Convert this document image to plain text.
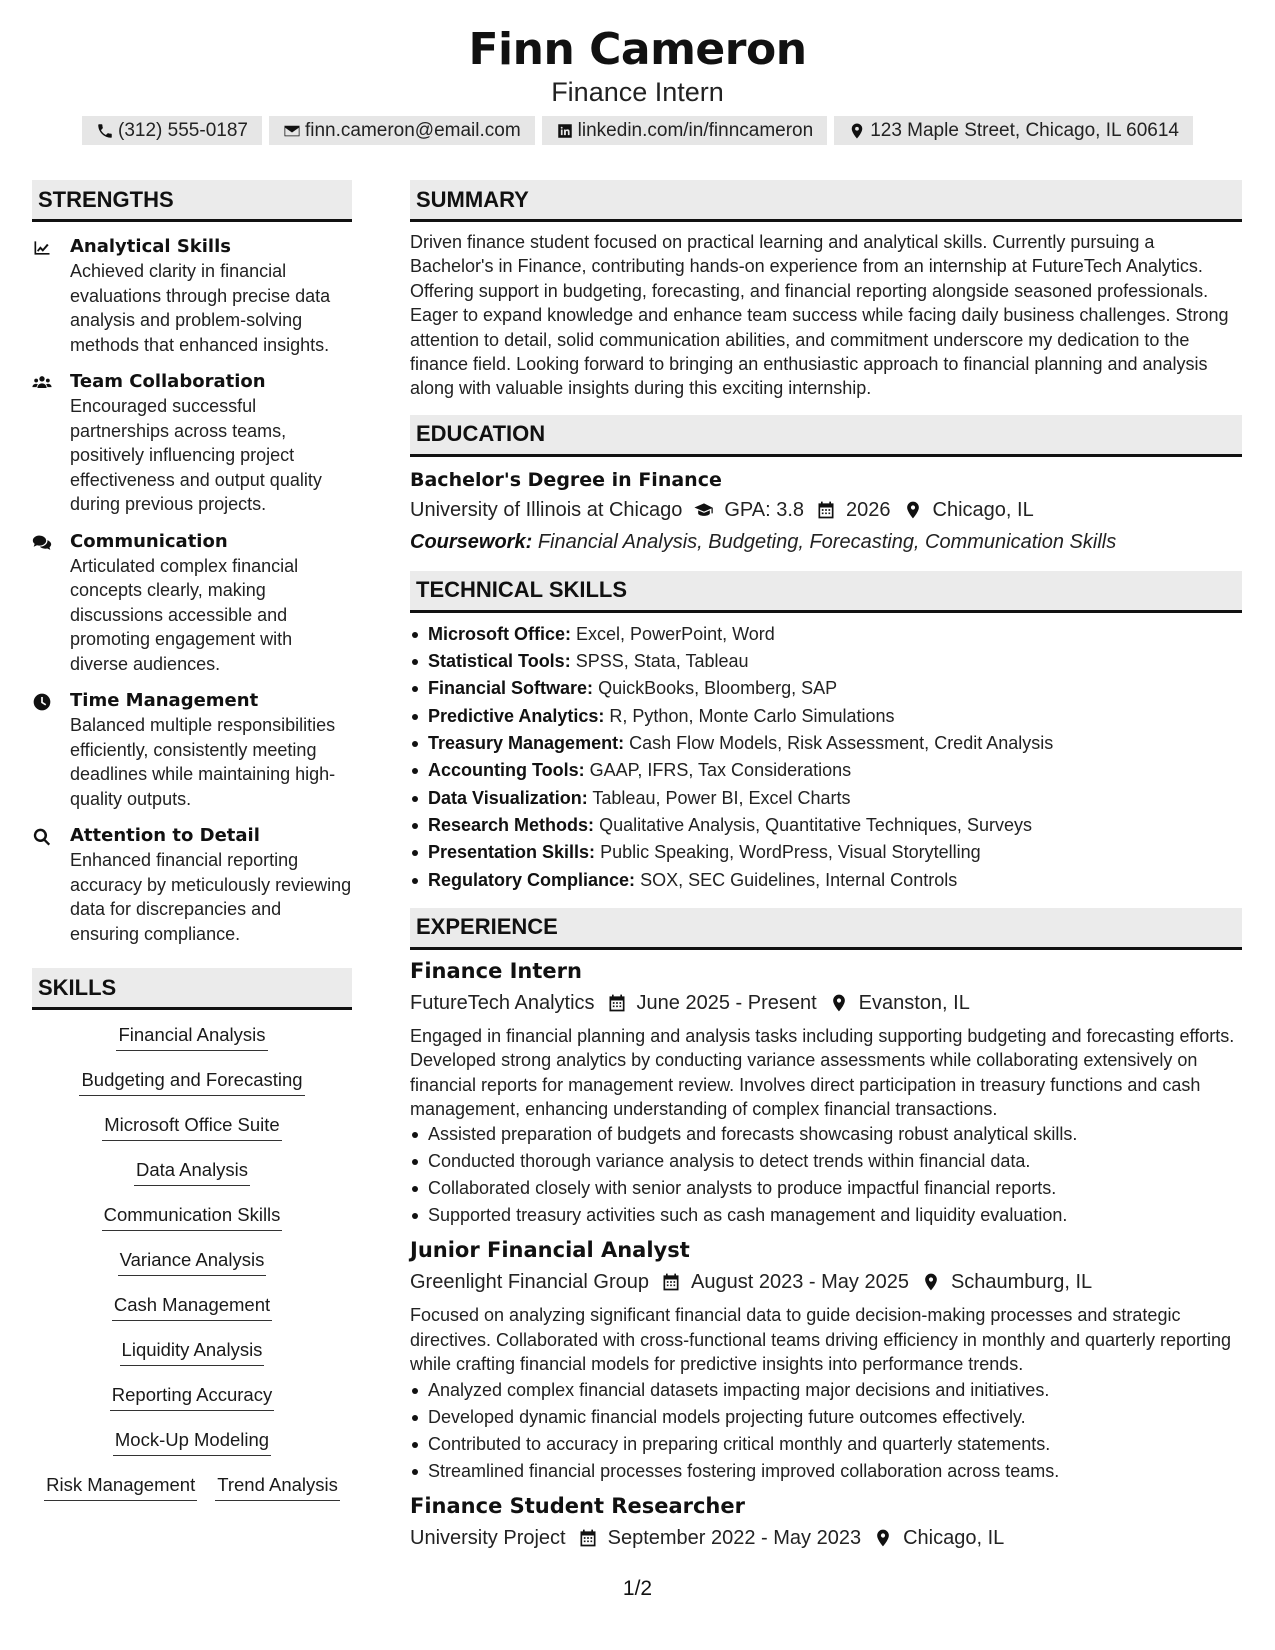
Finn Cameron
Finance Intern
(312) 555-0187	finn.cameron@email.com	linkedin.com/in/finncameron	123 Maple Street, Chicago, IL 60614
STRENGTHS
Analytical Skills
Achieved clarity in financial evaluations through precise data analysis and problem-solving methods that enhanced insights.
Team Collaboration
Encouraged successful partnerships across teams, positively influencing project effectiveness and output quality during previous projects.
Communication
Articulated complex financial concepts clearly, making discussions accessible and promoting engagement with diverse audiences.
Time Management
Balanced multiple responsibilities efficiently, consistently meeting deadlines while maintaining high-quality outputs.
Attention to Detail
Enhanced financial reporting accuracy by meticulously reviewing data for discrepancies and ensuring compliance.
SKILLS
Financial Analysis
Budgeting and Forecasting
Microsoft Office Suite
Data Analysis
Communication Skills
Variance Analysis
Cash Management
Liquidity Analysis
Reporting Accuracy
Mock-Up Modeling
Risk Management Trend Analysis
SUMMARY
Driven finance student focused on practical learning and analytical skills. Currently pursuing a Bachelor's in Finance, contributing hands-on experience from an internship at FutureTech Analytics. Offering support in budgeting, forecasting, and financial reporting alongside seasoned professionals. Eager to expand knowledge and enhance team success while facing daily business challenges. Strong attention to detail, solid communication abilities, and commitment underscore my dedication to the finance field. Looking forward to bringing an enthusiastic approach to financial planning and analysis along with valuable insights during this exciting internship.
EDUCATION
Bachelor's Degree in Finance
University of Illinois at Chicago GPA: 3.8 2026 Chicago, IL
Coursework: Financial Analysis, Budgeting, Forecasting, Communication Skills
TECHNICAL SKILLS
Microsoft Office: Excel, PowerPoint, Word
Statistical Tools: SPSS, Stata, Tableau
Financial Software: QuickBooks, Bloomberg, SAP
Predictive Analytics: R, Python, Monte Carlo Simulations
Treasury Management: Cash Flow Models, Risk Assessment, Credit Analysis
Accounting Tools: GAAP, IFRS, Tax Considerations
Data Visualization: Tableau, Power BI, Excel Charts
Research Methods: Qualitative Analysis, Quantitative Techniques, Surveys
Presentation Skills: Public Speaking, WordPress, Visual Storytelling
Regulatory Compliance: SOX, SEC Guidelines, Internal Controls
EXPERIENCE
Finance Intern
FutureTech Analytics June 2025 - Present Evanston, IL
Engaged in financial planning and analysis tasks including supporting budgeting and forecasting efforts. Developed strong analytics by conducting variance assessments while collaborating extensively on financial reports for management review. Involves direct participation in treasury functions and cash management, enhancing understanding of complex financial transactions.
Assisted preparation of budgets and forecasts showcasing robust analytical skills.
Conducted thorough variance analysis to detect trends within financial data.
Collaborated closely with senior analysts to produce impactful financial reports.
Supported treasury activities such as cash management and liquidity evaluation.
Junior Financial Analyst
Greenlight Financial Group August 2023 - May 2025 Schaumburg, IL
Focused on analyzing significant financial data to guide decision-making processes and strategic directives. Collaborated with cross-functional teams driving efficiency in monthly and quarterly reporting while crafting financial models for predictive insights into performance trends.
Analyzed complex financial datasets impacting major decisions and initiatives.
Developed dynamic financial models projecting future outcomes effectively.
Contributed to accuracy in preparing critical monthly and quarterly statements.
Streamlined financial processes fostering improved collaboration across teams.
Finance Student Researcher
University Project September 2022 - May 2023 Chicago, IL
1/2
